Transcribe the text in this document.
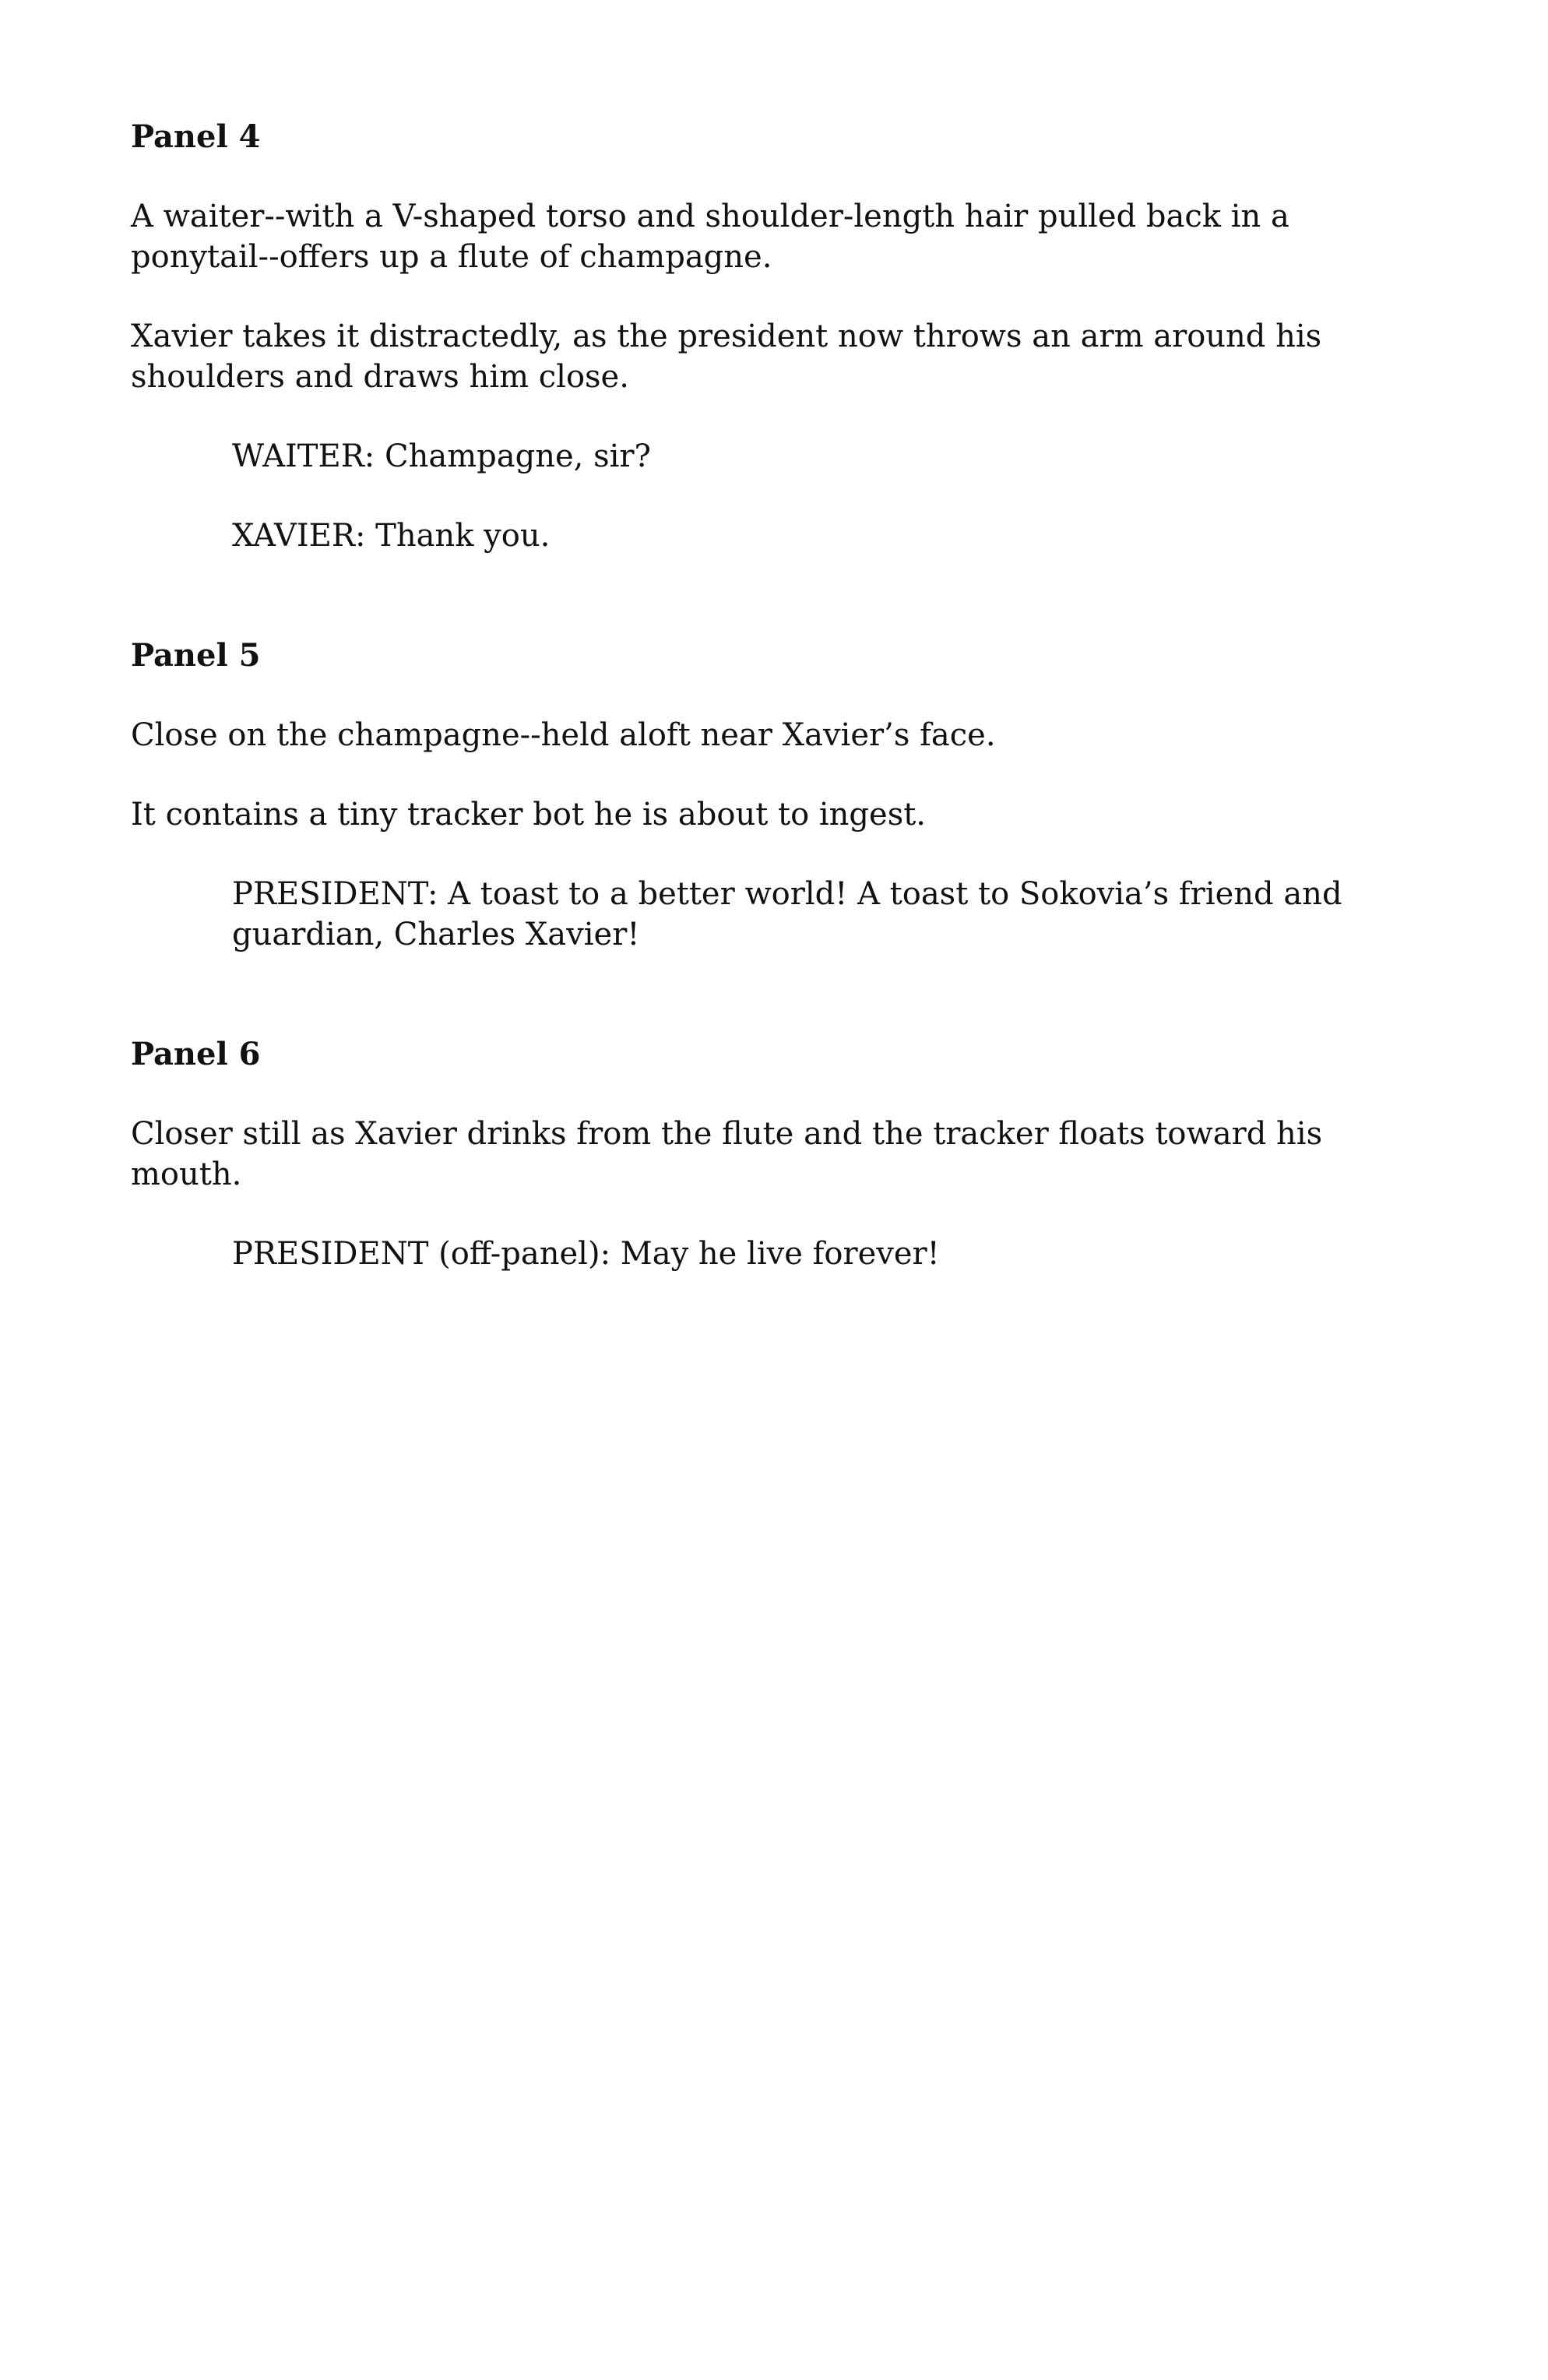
Panel 4

A waiter--with a V-shaped torso and shoulder-length hair pulled back in a ponytail--offers up a flute of champagne.

Xavier takes it distractedly, as the president now throws an arm around his shoulders and draws him close.

WAITER: Champagne, sir?

XAVIER: Thank you.

Panel 5

Close on the champagne--held aloft near Xavier’s face.

It contains a tiny tracker bot he is about to ingest.

PRESIDENT: A toast to a better world! A toast to Sokovia’s friend and guardian, Charles Xavier!

Panel 6

Closer still as Xavier drinks from the flute and the tracker floats toward his mouth.

PRESIDENT (off-panel): May he live forever!
